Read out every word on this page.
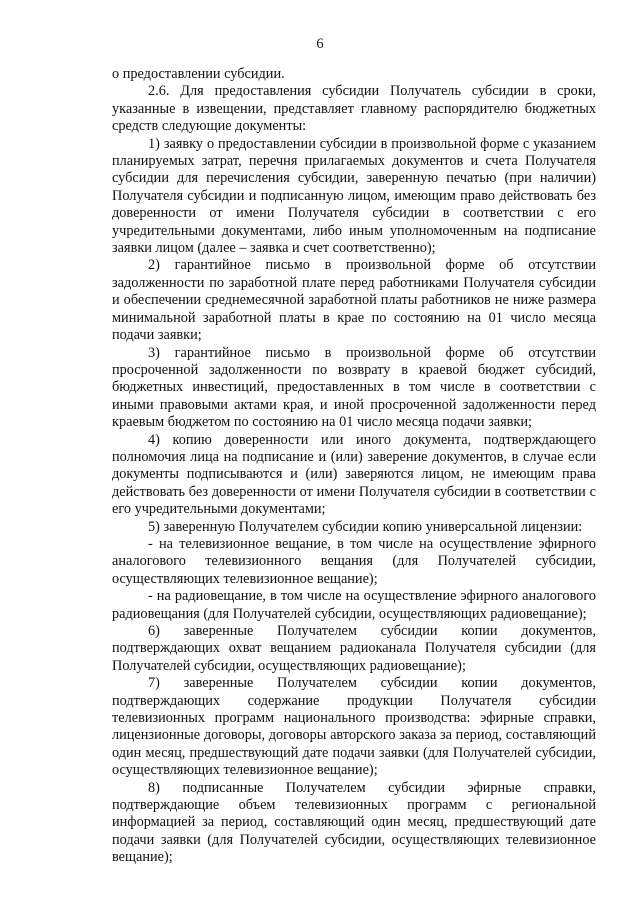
6

о предоставлении субсидии.

2.6. Для предоставления субсидии Получатель субсидии в сроки, указанные в извещении, представляет главному распорядителю бюджетных средств следующие документы:

1) заявку о предоставлении субсидии в произвольной форме с указанием планируемых затрат, перечня прилагаемых документов и счета Получателя субсидии для перечисления субсидии, заверенную печатью (при наличии) Получателя субсидии и подписанную лицом, имеющим право действовать без доверенности от имени Получателя субсидии в соответствии с его учредительными документами, либо иным уполномоченным на подписание заявки лицом (далее – заявка и счет соответственно);

2) гарантийное письмо в произвольной форме об отсутствии задолженности по заработной плате перед работниками Получателя субсидии и обеспечении среднемесячной заработной платы работников не ниже размера минимальной заработной платы в крае по состоянию на 01 число месяца подачи заявки;

3) гарантийное письмо в произвольной форме об отсутствии просроченной задолженности по возврату в краевой бюджет субсидий, бюджетных инвестиций, предоставленных в том числе в соответствии с иными правовыми актами края, и иной просроченной задолженности перед краевым бюджетом по состоянию на 01 число месяца подачи заявки;

4) копию доверенности или иного документа, подтверждающего полномочия лица на подписание и (или) заверение документов, в случае если документы подписываются и (или) заверяются лицом, не имеющим права действовать без доверенности от имени Получателя субсидии в соответствии с его учредительными документами;

5) заверенную Получателем субсидии копию универсальной лицензии:

- на телевизионное вещание, в том числе на осуществление эфирного аналогового телевизионного вещания (для Получателей субсидии, осуществляющих телевизионное вещание);

- на радиовещание, в том числе на осуществление эфирного аналогового радиовещания (для Получателей субсидии, осуществляющих радиовещание);

6) заверенные Получателем субсидии копии документов, подтверждающих охват вещанием радиоканала Получателя субсидии (для Получателей субсидии, осуществляющих радиовещание);

7) заверенные Получателем субсидии копии документов, подтверждающих содержание продукции Получателя субсидии телевизионных программ национального производства: эфирные справки, лицензионные договоры, договоры авторского заказа за период, составляющий один месяц, предшествующий дате подачи заявки (для Получателей субсидии, осуществляющих телевизионное вещание);

8) подписанные Получателем субсидии эфирные справки, подтверждающие объем телевизионных программ с региональной информацией за период, составляющий один месяц, предшествующий дате подачи заявки (для Получателей субсидии, осуществляющих телевизионное вещание);
